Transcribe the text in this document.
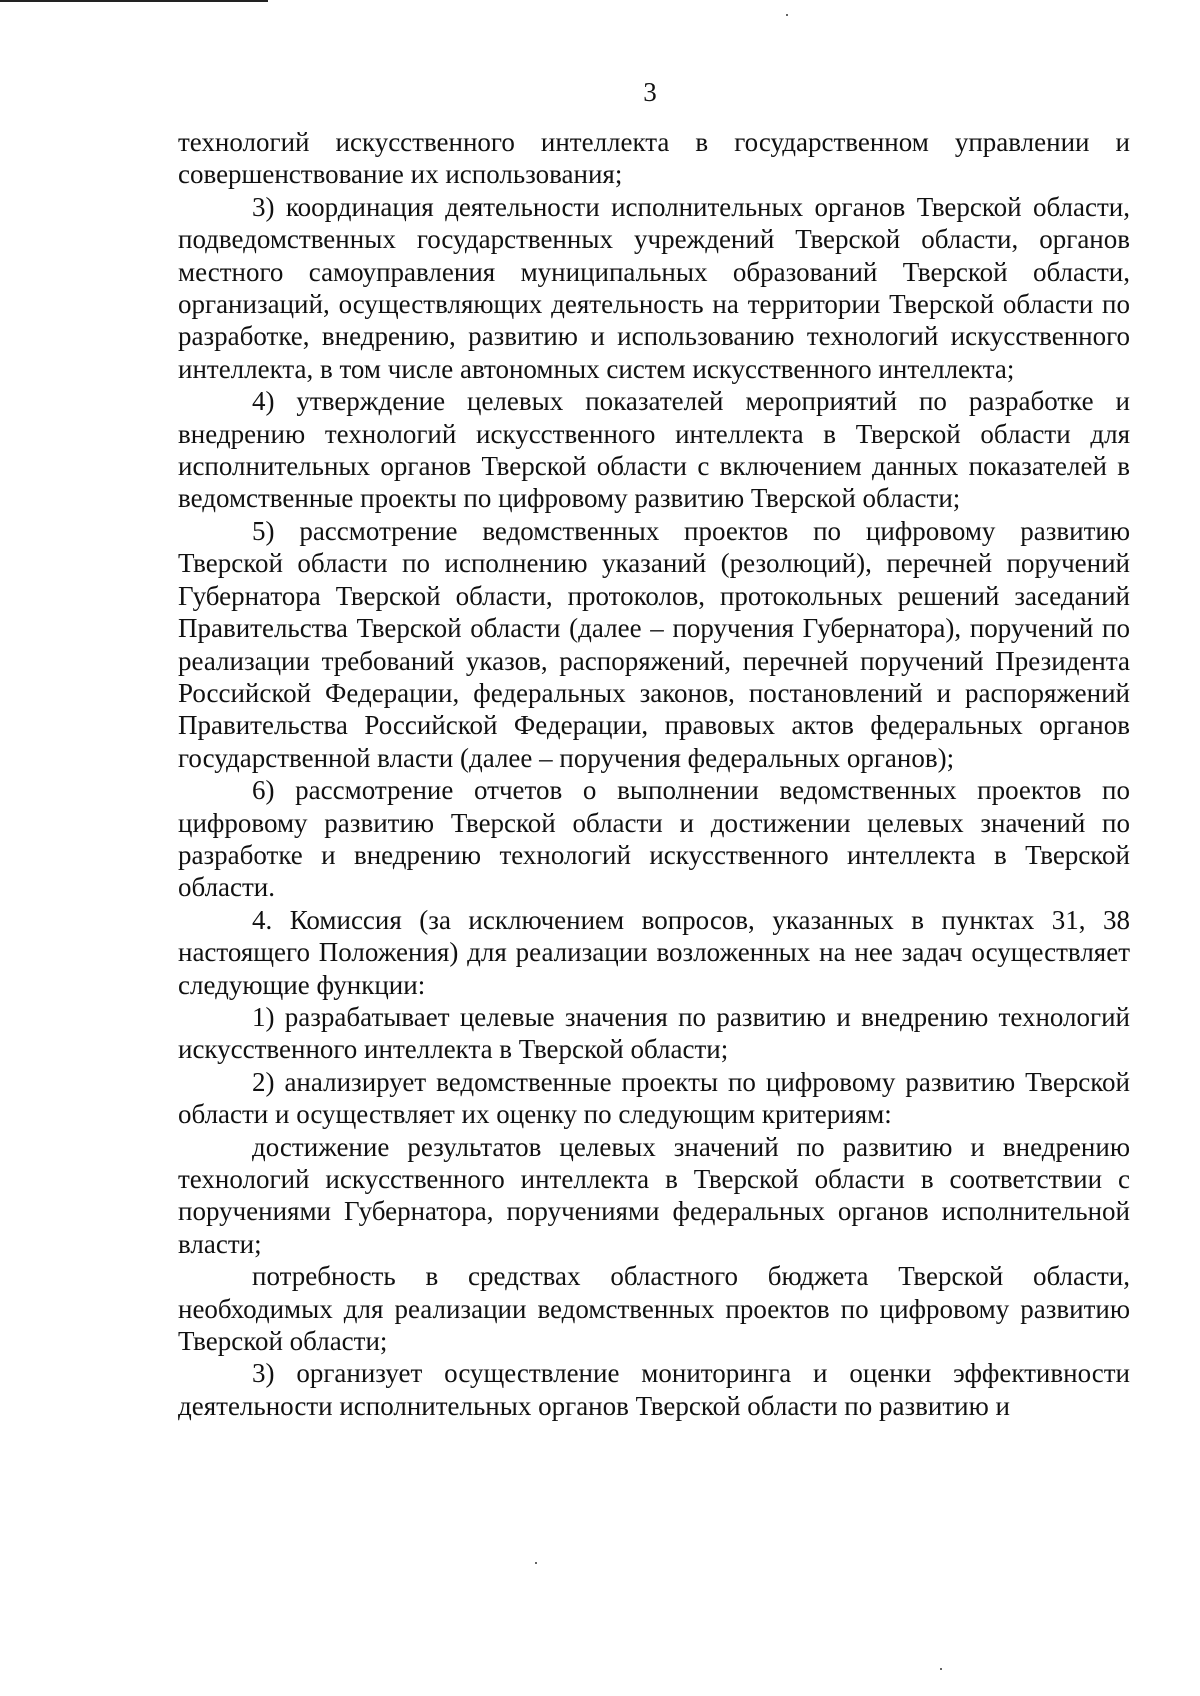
3

технологий искусственного интеллекта в государственном управлении и совершенствование их использования;

3) координация деятельности исполнительных органов Тверской области, подведомственных государственных учреждений Тверской области, органов местного самоуправления муниципальных образований Тверской области, организаций, осуществляющих деятельность на территории Тверской области по разработке, внедрению, развитию и использованию технологий искусственного интеллекта, в том числе автономных систем искусственного интеллекта;

4) утверждение целевых показателей мероприятий по разработке и внедрению технологий искусственного интеллекта в Тверской области для исполнительных органов Тверской области с включением данных показателей в ведомственные проекты по цифровому развитию Тверской области;

5) рассмотрение ведомственных проектов по цифровому развитию Тверской области по исполнению указаний (резолюций), перечней поручений Губернатора Тверской области, протоколов, протокольных решений заседаний Правительства Тверской области (далее – поручения Губернатора), поручений по реализации требований указов, распоряжений, перечней поручений Президента Российской Федерации, федеральных законов, постановлений и распоряжений Правительства Российской Федерации, правовых актов федеральных органов государственной власти (далее – поручения федеральных органов);

6) рассмотрение отчетов о выполнении ведомственных проектов по цифровому развитию Тверской области и достижении целевых значений по разработке и внедрению технологий искусственного интеллекта в Тверской области.

4. Комиссия (за исключением вопросов, указанных в пунктах 31, 38 настоящего Положения) для реализации возложенных на нее задач осуществляет следующие функции:

1) разрабатывает целевые значения по развитию и внедрению технологий искусственного интеллекта в Тверской области;

2) анализирует ведомственные проекты по цифровому развитию Тверской области и осуществляет их оценку по следующим критериям:

достижение результатов целевых значений по развитию и внедрению технологий искусственного интеллекта в Тверской области в соответствии с поручениями Губернатора, поручениями федеральных органов исполнительной власти;

потребность в средствах областного бюджета Тверской области, необходимых для реализации ведомственных проектов по цифровому развитию Тверской области;

3) организует осуществление мониторинга и оценки эффективности деятельности исполнительных органов Тверской области по развитию и
